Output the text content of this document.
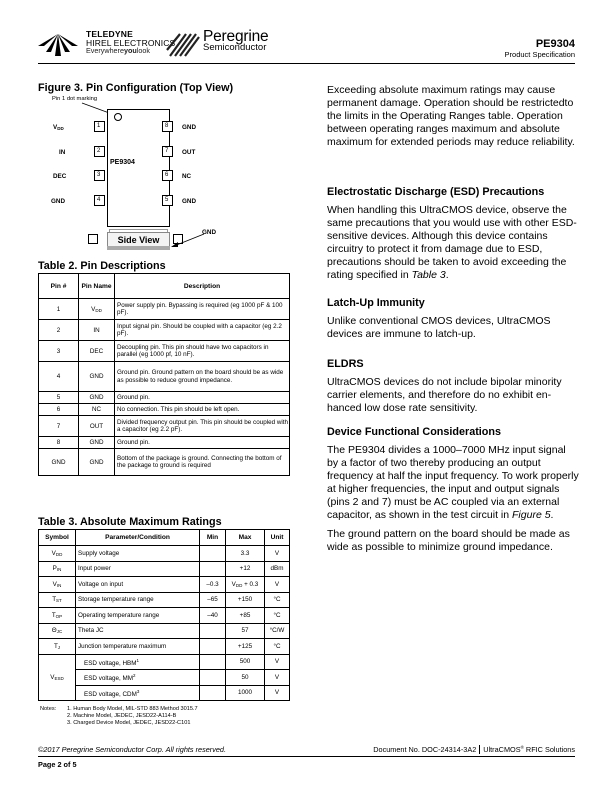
TELEDYNE
HIREL ELECTRONICS
Everywhereyoulook
Peregrine
Semiconductor	PE9304
Product Specification
Figure 3. Pin Configuration (Top View)
Pin 1 dot marking
PE9304
$V_{DD}$	1
IN	2
DEC	3
GND	4
8	GND
7	OUT
6	NC
5	GND
Side View
GND
Table 2. Pin Descriptions
Pin #	Pin Name	Description
1	$V_{DD}$	Power supply pin. Bypassing is required (eg 1000 pF & 100 pF).
2	IN	Input signal pin. Should be coupled with a capacitor (eg 2.2 pF).
3	DEC	Decoupling pin. This pin should have two capacitors in parallel (eg 1000 pf, 10 nF).
4	GND	Ground pin. Ground pattern on the board should be as wide as possible to reduce ground impedance.
5	GND	Ground pin.
6	NC	No connection. This pin should be left open.
7	OUT	Divided frequency output pin. This pin should be coupled with a capacitor (eg 2.2 pF).
8	GND	Ground pin.
GND	GND	Bottom of the package is ground. Connecting the bottom of the package to ground is required
Table 3. Absolute Maximum Ratings
Symbol	Parameter/Condition	Min	Max	Unit
$V_{DD}$	Supply voltage		3.3	V
$P_{IN}$	Input power		+12	dBm
$V_{IN}$	Voltage on input	–0.3	$V_{DD} + 0.3$	V
$T_{ST}$	Storage temperature range	–65	+150	°C
$T_{OP}$	Operating temperature range	–40	+85	°C
$\Theta_{JC}$	Theta JC		57	°C/W
$T_J$	Junction temperature maximum		+125	°C
$V_{ESD}$	ESD voltage, HBM$^1$		500	V
	ESD voltage, $MM^2$		50	V
	ESD voltage, CDM$^3$		1000	V
Notes: 1. Human Body Model, MIL-STD 883 Method 3015.7
2. Machine Model, JEDEC, JESD22-A114-B
3. Charged Device Model, JEDEC, JESD22-C101

Exceeding absolute maximum ratings may cause permanent damage. Operation should be restrictedto the limits in the Operating Ranges table. Operation between operating ranges maximum and absolute maximum for extended periods may reduce reliability.

Electrostatic Discharge (ESD) Precautions

When handling this UltraCMOS device, observe the same precautions that you would use with other ESD-sensitive devices. Although this device contains circuitry to protect it from damage due to ESD, precautions should be taken to avoid exceeding the rating specified in Table 3.

Latch-Up Immunity

Unlike conventional CMOS devices, UltraCMOS devices are immune to latch-up.

ELDRS

UltraCMOS devices do not include bipolar minority carrier elements, and therefore do no exhibit en-hanced low dose rate sensitivity.

Device Functional Considerations

The PE9304 divides a 1000–7000 MHz input signal by a factor of two thereby producing an output frequency at half the input frequency. To work properly at higher frequencies, the input and output signals (pins 2 and 7) must be AC coupled via an external capacitor, as shown in the test circuit in Figure 5.

The ground pattern on the board should be made as wide as possible to minimize ground impedance.

©2017 Peregrine Semiconductor Corp. All rights reserved.	Document No. DOC-24314-3A2 UltraCMOS® RFIC Solutions
Page 2 of 5
